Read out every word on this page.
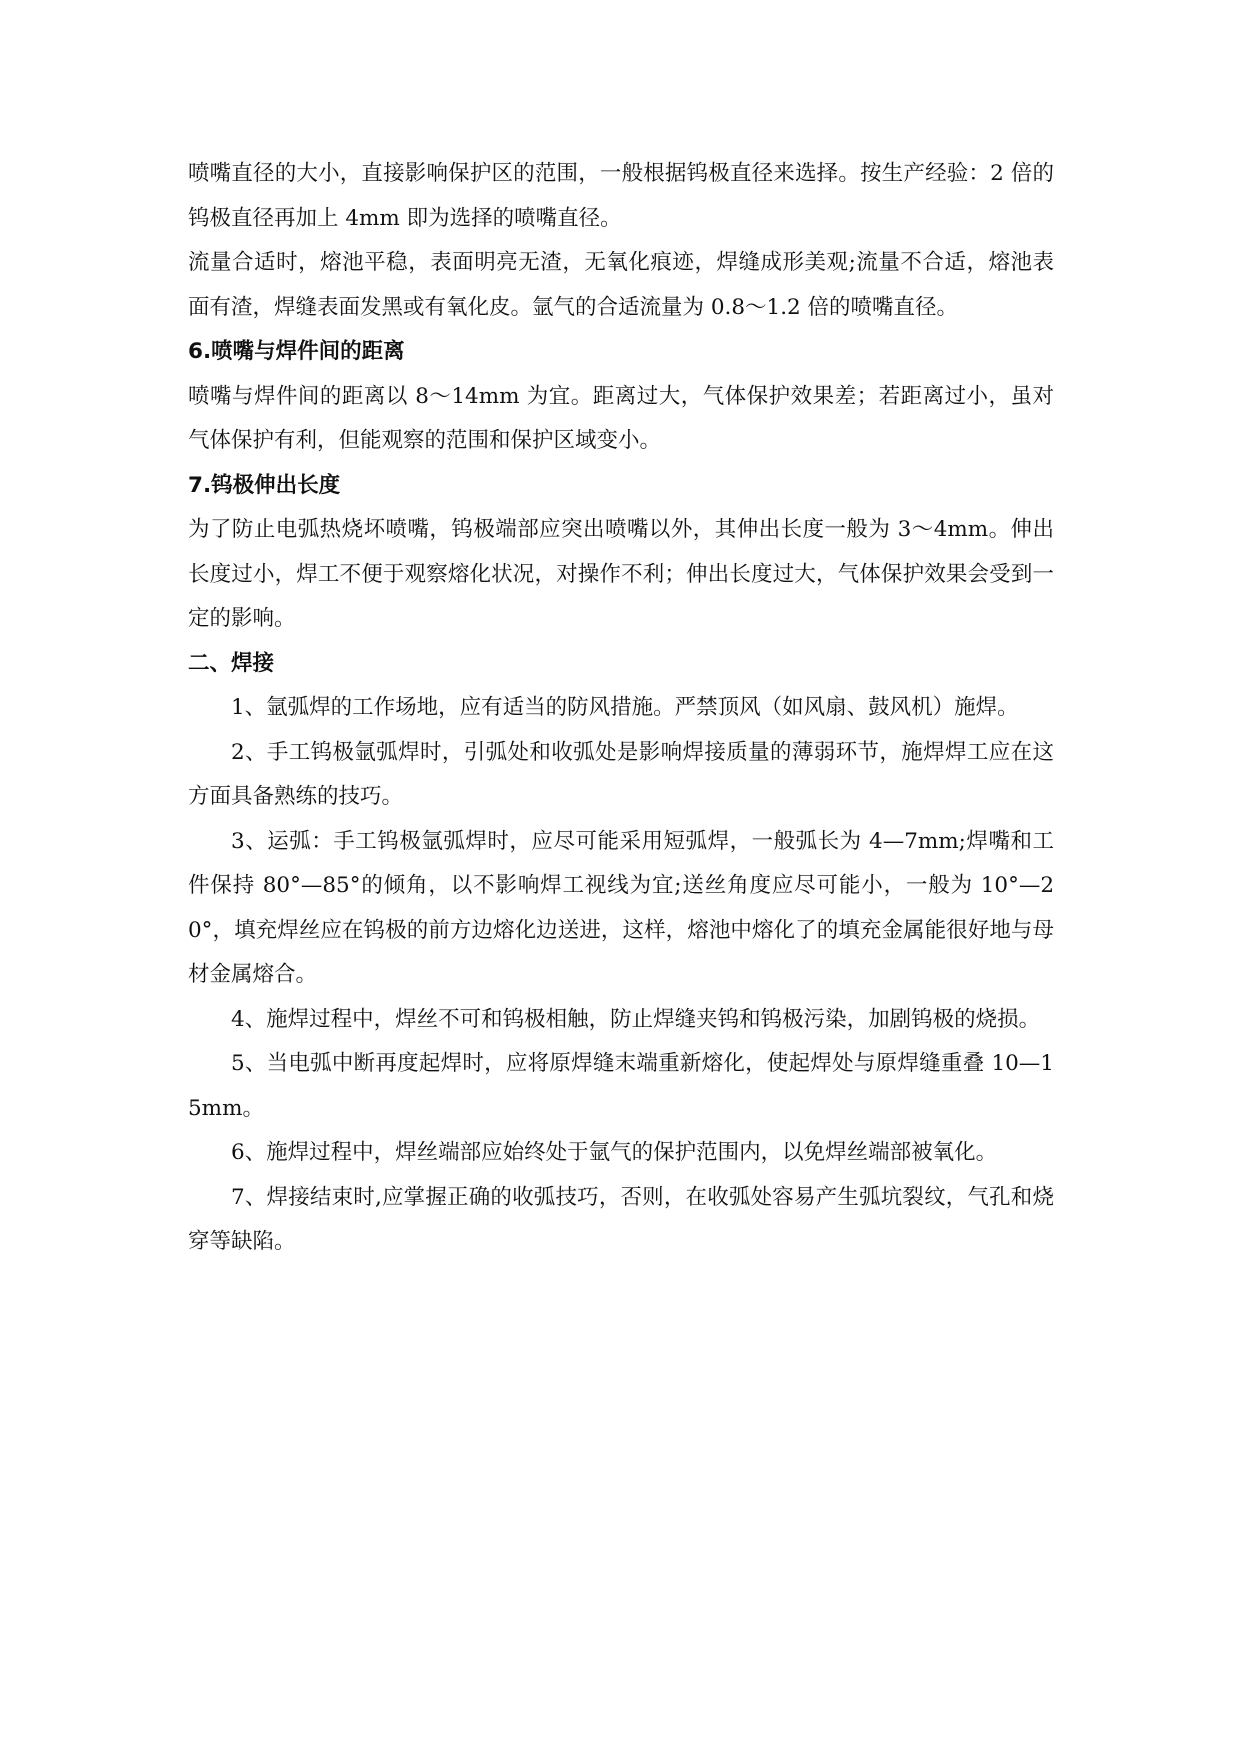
喷嘴直径的大小，直接影响保护区的范围，一般根据钨极直径来选择。按生产经验：2 倍的钨极直径再加上 4mm 即为选择的喷嘴直径。

流量合适时，熔池平稳，表面明亮无渣，无氧化痕迹，焊缝成形美观;流量不合适，熔池表面有渣，焊缝表面发黑或有氧化皮。氩气的合适流量为 0.8～1.2 倍的喷嘴直径。

6.喷嘴与焊件间的距离

喷嘴与焊件间的距离以 8～14mm 为宜。距离过大，气体保护效果差；若距离过小，虽对气体保护有利，但能观察的范围和保护区域变小。

7.钨极伸出长度

为了防止电弧热烧坏喷嘴，钨极端部应突出喷嘴以外，其伸出长度一般为 3～4mm。伸出长度过小，焊工不便于观察熔化状况，对操作不利；伸出长度过大，气体保护效果会受到一定的影响。

二、焊接

1、氩弧焊的工作场地，应有适当的防风措施。严禁顶风（如风扇、鼓风机）施焊。

2、手工钨极氩弧焊时，引弧处和收弧处是影响焊接质量的薄弱环节，施焊焊工应在这方面具备熟练的技巧。

3、运弧：手工钨极氩弧焊时，应尽可能采用短弧焊，一般弧长为 4—7mm;焊嘴和工件保持 80°—85°的倾角，以不影响焊工视线为宜;送丝角度应尽可能小，一般为 10°—20°，填充焊丝应在钨极的前方边熔化边送进，这样，熔池中熔化了的填充金属能很好地与母材金属熔合。

4、施焊过程中，焊丝不可和钨极相触，防止焊缝夹钨和钨极污染，加剧钨极的烧损。

5、当电弧中断再度起焊时，应将原焊缝末端重新熔化，使起焊处与原焊缝重叠 10—15mm。

6、施焊过程中，焊丝端部应始终处于氩气的保护范围内，以免焊丝端部被氧化。

7、焊接结束时,应掌握正确的收弧技巧，否则，在收弧处容易产生弧坑裂纹，气孔和烧穿等缺陷。
